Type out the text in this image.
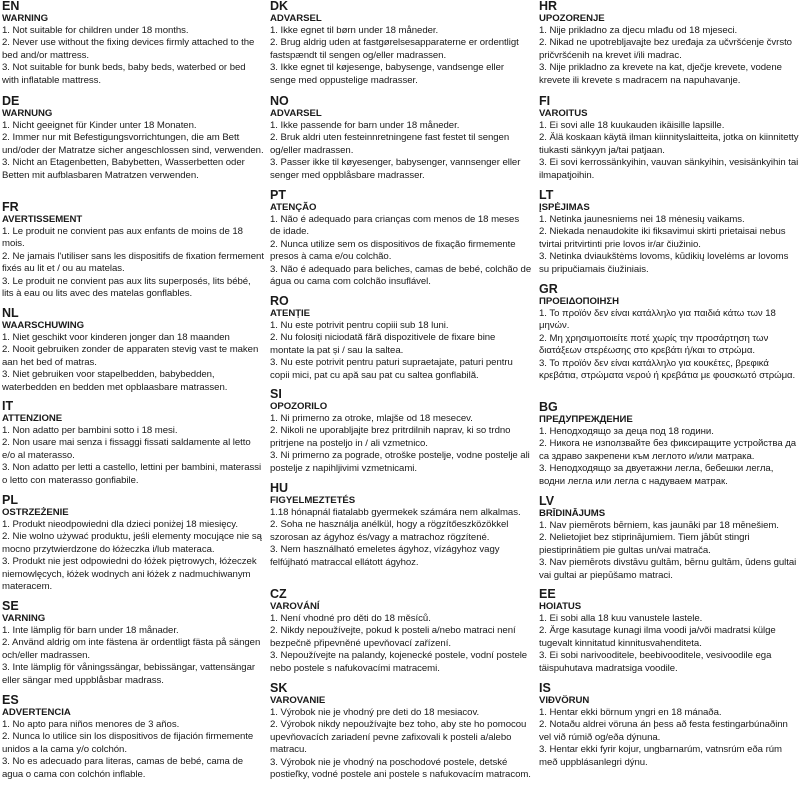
EN
WARNING
1. Not suitable for children under 18 months.
2. Never use without the fixing devices firmly attached to the bed and/or mattress.
3. Not suitable for bunk beds, baby beds, waterbed or bed with inflatable mattress.
DE
WARNUNG
1. Nicht geeignet für Kinder unter 18 Monaten.
2. Immer nur mit Befestigungsvorrichtungen, die am Bett und/oder der Matratze sicher angeschlossen sind, verwenden.
3. Nicht an Etagenbetten, Babybetten, Wasserbetten oder Betten mit aufblasbaren Matratzen verwenden.
FR
AVERTISSEMENT
1. Le produit ne convient pas aux enfants de moins de 18 mois.
2. Ne jamais l'utiliser sans les dispositifs de fixation fermement fixés au lit et / ou au matelas.
3. Le produit ne convient pas aux lits superposés, lits bébé, lits à eau ou lits avec des matelas gonflables.
NL
WAARSCHUWING
1. Niet geschikt voor kinderen jonger dan 18 maanden
2. Nooit gebruiken zonder de apparaten stevig vast te maken aan het bed of matras.
3. Niet gebruiken voor stapelbedden, babybedden, waterbedden en bedden met opblaasbare matrassen.
IT
ATTENZIONE
1. Non adatto per bambini sotto i 18 mesi.
2. Non usare mai senza i fissaggi fissati saldamente al letto e/o al materasso.
3. Non adatto per letti a castello, lettini per bambini, materassi o letto con materasso gonfiabile.
PL
OSTRZEŻENIE
1. Produkt nieodpowiedni dla dzieci poniżej 18 miesięcy.
2. Nie wolno używać produktu, jeśli elementy mocujące nie są mocno przytwierdzone do łóżeczka i/lub materaca.
3. Produkt nie jest odpowiedni do łóżek piętrowych, łóżeczek niemowlęcych, łóżek wodnych ani łóżek z nadmuchiwanym materacem.
SE
VARNING
1. Inte lämplig för barn under 18 månader.
2. Använd aldrig om inte fästena är ordentligt fästa på sängen och/eller madrassen.
3. Inte lämplig för våningssängar, bebissängar, vattensängar eller sängar med uppblåsbar madrass.
ES
ADVERTENCIA
1. No apto para niños menores de 3 años.
2. Nunca lo utilice sin los dispositivos de fijación firmemente unidos a la cama y/o colchón.
3. No es adecuado para literas, camas de bebé, cama de agua o cama con colchón inflable.
DK
ADVARSEL
1. Ikke egnet til børn under 18 måneder.
2. Brug aldrig uden at fastgørelsesapparaterne er ordentligt fastspændt til sengen og/eller madrassen.
3. Ikke egnet til køjesenge, babysenge, vandsenge eller senge med oppustelige madrasser.
NO
ADVARSEL
1. Ikke passende for barn under 18 måneder.
2. Bruk aldri uten festeinnretningene fast festet til sengen og/eller madrassen.
3. Passer ikke til køyesenger, babysenger, vannsenger eller senger med oppblåsbare madrasser.
PT
ATENÇÃO
1. Não é adequado para crianças com menos de 18 meses de idade.
2. Nunca utilize sem os dispositivos de fixação firmemente presos à cama e/ou colchão.
3. Não é adequado para beliches, camas de bebé, colchão de água ou cama com colchão insuflável.
RO
ATENȚIE
1. Nu este potrivit pentru copiii sub 18 luni.
2. Nu folosiți niciodată fără dispozitivele de fixare bine montate la pat și / sau la saltea.
3. Nu este potrivit pentru paturi supraetajate, paturi pentru copii mici, pat cu apă sau pat cu saltea gonflabilă.
SI
OPOZORILO
1. Ni primerno za otroke, mlajše od 18 mesecev.
2. Nikoli ne uporabljajte brez pritrdilnih naprav, ki so trdno pritrjene na posteljo in / ali vzmetnico.
3. Ni primerno za pograde, otroške postelje, vodne postelje ali postelje z napihljivimi vzmetnicami.
HU
FIGYELMEZTETÉS
1.18 hónapnál fiatalabb gyermekek számára nem alkalmas.
2. Soha ne használja anélkül, hogy a rögzítőeszközökkel szorosan az ágyhoz és/vagy a matrachoz rögzítené.
3. Nem használható emeletes ágyhoz, vízágyhoz vagy felfújható matraccal ellátott ágyhoz.
CZ
VAROVÁNÍ
1. Není vhodné pro děti do 18 měsíců.
2. Nikdy nepoužívejte, pokud k posteli a/nebo matraci není bezpečně připevněné upevňovací zařízení.
3. Nepoužívejte na palandy, kojenecké postele, vodní postele nebo postele s nafukovacími matracemi.
SK
VAROVANIE
1. Výrobok nie je vhodný pre deti do 18 mesiacov.
2. Výrobok nikdy nepoužívajte bez toho, aby ste ho pomocou upevňovacích zariadení pevne zafixovali k posteli a/alebo matracu.
3. Výrobok nie je vhodný na poschodové postele, detské postieľky, vodné postele ani postele s nafukovacím matracom.
HR
UPOZORENJE
1. Nije prikladno za djecu mlađu od 18 mjeseci.
2. Nikad ne upotrebljavajte bez uređaja za učvršćenje čvrsto pričvršćenih na krevet i/ili madrac.
3. Nije prikladno za krevete na kat, dječje krevete, vodene krevete ili krevete s madracem na napuhavanje.
FI
VAROITUS
1. Ei sovi alle 18 kuukauden ikäisille lapsille.
2. Älä koskaan käytä ilman kiinnityslaitteita, jotka on kiinnitetty tiukasti sänkyyn ja/tai patjaan.
3. Ei sovi kerrossänkyihin, vauvan sänkyihin, vesisänkyihin tai ilmapatjoihin.
LT
ĮSPĖJIMAS
1. Netinka jaunesniems nei 18 mėnesių vaikams.
2. Niekada nenaudokite iki fiksavimui skirti prietaisai nebus tvirtai pritvirtinti prie lovos ir/ar čiužinio.
3. Netinka dviaukštėms lovoms, kūdikių lovelėms ar lovoms su pripučiamais čiužiniais.
GR
ΠΡΟΕΙΔΟΠΟΙΗΣΗ
1. Το προϊόν δεν είναι κατάλληλο για παιδιά κάτω των 18 μηνών.
2. Μη χρησιμοποιείτε ποτέ χωρίς την προσάρτηση των διατάξεων στερέωσης στο κρεβάτι ή/και το στρώμα.
3. Το προϊόν δεν είναι κατάλληλο για κουκέτες, βρεφικά κρεβάτια, στρώματα νερού ή κρεβάτια με φουσκωτό στρώμα.
BG
ПРЕДУПРЕЖДЕНИЕ
1. Неподходящо за деца под 18 години.
2. Никога не използвайте без фиксиращите устройства да са здраво закрепени към леглото и/или матрака.
3. Неподходящо за двуетажни легла, бебешки легла, водни легла или легла с надуваем матрак.
LV
BRĪDINĀJUMS
1. Nav piemērots bērniem, kas jaunāki par 18 mēnešiem.
2. Nelietojiet bez stiprinājumiem. Tiem jābūt stingri piestiprinātiem pie gultas un/vai matrača.
3. Nav piemērots divstāvu gultām, bērnu gultām, ūdens gultai vai gultai ar piepūšamo matraci.
EE
HOIATUS
1. Ei sobi alla 18 kuu vanustele lastele.
2. Ärge kasutage kunagi ilma voodi ja/või madratsi külge tugevalt kinnitatud kinnitusvahenditeta.
3. Ei sobi narivooditele, beebivooditele, vesivoodile ega täispuhutava madratsiga voodile.
IS
VIÐVÖRUN
1. Hentar ekki börnum yngri en 18 mánaða.
2. Notaðu aldrei vöruna án þess að festa festingarbúnaðinn vel við rúmið og/eða dýnuna.
3. Hentar ekki fyrir kojur, ungbarnarúm, vatnsrúm eða rúm með uppblásanlegri dýnu.
